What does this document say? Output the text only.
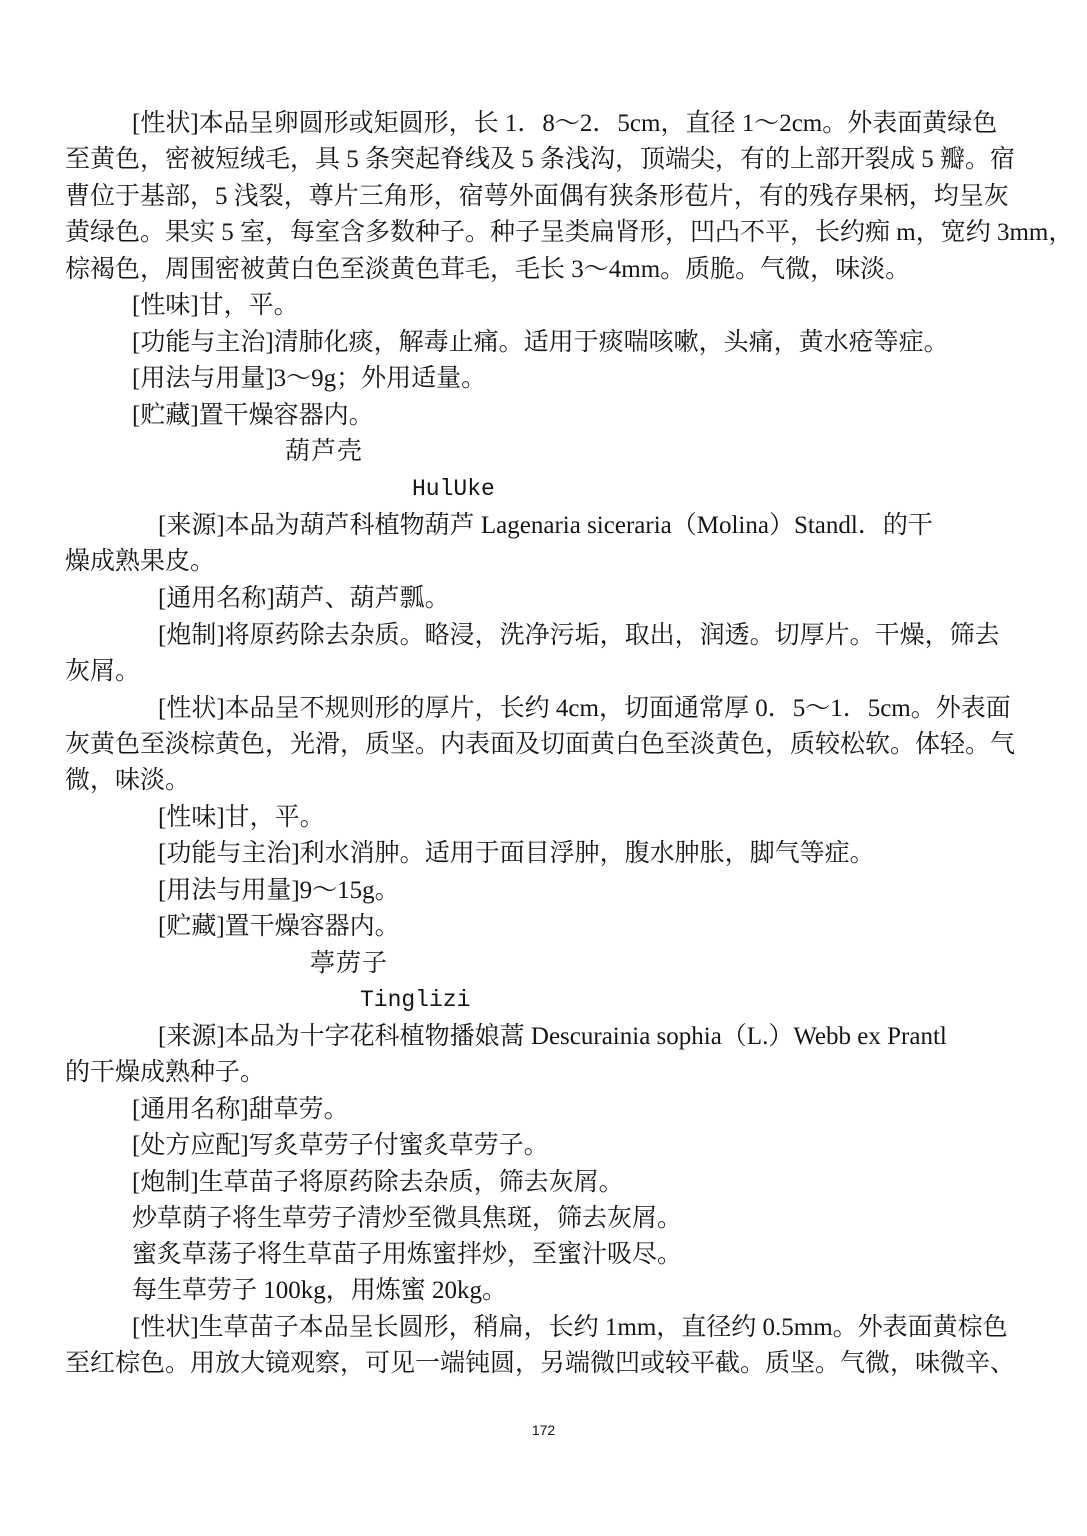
[性状]本品呈卵圆形或矩圆形，长 1．8～2．5cm，直径 1～2cm。外表面黄绿色
至黄色，密被短绒毛，具 5 条突起脊线及 5 条浅沟，顶端尖，有的上部开裂成 5 瓣。宿
曹位于基部，5 浅裂，尊片三角形，宿萼外面偶有狭条形苞片，有的残存果柄，均呈灰
黄绿色。果实 5 室，每室含多数种子。种子呈类扁肾形，凹凸不平，长约痴 m，宽约 3mm，
棕褐色，周围密被黄白色至淡黄色茸毛，毛长 3～4mm。质脆。气微，味淡。
[性味]甘，平。
[功能与主治]清肺化痰，解毒止痛。适用于痰喘咳嗽，头痛，黄水疮等症。
[用法与用量]3～9g；外用适量。
[贮藏]置干燥容器内。
葫芦壳
HulUke
[来源]本品为葫芦科植物葫芦 Lagenaria siceraria（Molina）Standl．的干
燥成熟果皮。
[通用名称]葫芦、葫芦瓢。
[炮制]将原药除去杂质。略浸，洗净污垢，取出，润透。切厚片。干燥，筛去
灰屑。
[性状]本品呈不规则形的厚片，长约 4cm，切面通常厚 0．5～1．5cm。外表面
灰黄色至淡棕黄色，光滑，质坚。内表面及切面黄白色至淡黄色，质较松软。体轻。气
微，味淡。
[性味]甘，平。
[功能与主治]利水消肿。适用于面目浮肿，腹水肿胀，脚气等症。
[用法与用量]9～15g。
[贮藏]置干燥容器内。
葶苈子
Tinglizi
[来源]本品为十字花科植物播娘蒿 Descurainia sophia（L.）Webb ex Prantl
的干燥成熟种子。
[通用名称]甜草劳。
[处方应配]写炙草劳子付蜜炙草劳子。
[炮制]生草苗子将原药除去杂质，筛去灰屑。
炒草荫子将生草劳子清炒至微具焦斑，筛去灰屑。
蜜炙草荡子将生草苗子用炼蜜拌炒，至蜜汁吸尽。
每生草劳子 100kg，用炼蜜 20kg。
[性状]生草苗子本品呈长圆形，稍扁，长约 1mm，直径约 0.5mm。外表面黄棕色
至红棕色。用放大镜观察，可见一端钝圆，另端微凹或较平截。质坚。气微，味微辛、
172
